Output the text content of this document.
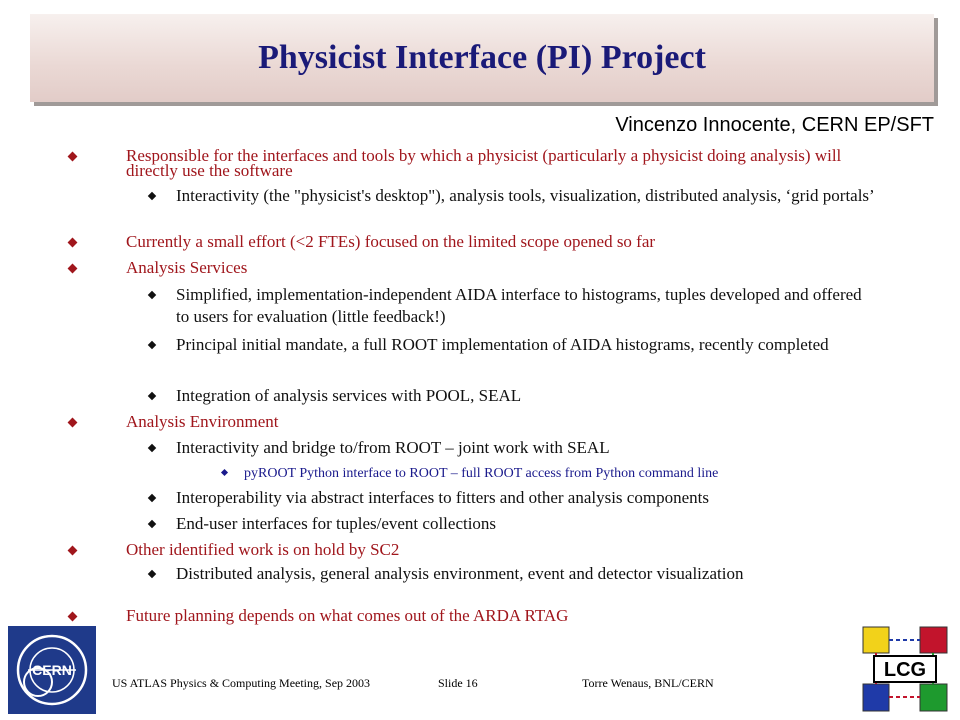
Physicist Interface (PI) Project
Vincenzo Innocente, CERN EP/SFT
Responsible for the interfaces and tools by which a physicist (particularly a physicist doing analysis) will directly use the software
Interactivity (the "physicist's desktop"), analysis tools, visualization, distributed analysis, ‘grid portals’
Currently a small effort (<2 FTEs) focused on the limited scope opened so far
Analysis Services
Simplified, implementation-independent AIDA interface to histograms, tuples developed and offered to users for evaluation (little feedback!)
Principal initial mandate, a full ROOT implementation of AIDA histograms, recently completed
Integration of analysis services with POOL, SEAL
Analysis Environment
Interactivity and bridge to/from ROOT – joint work with SEAL
pyROOT Python interface to ROOT – full ROOT access from Python command line
Interoperability via abstract interfaces to fitters and other analysis components
End-user interfaces for tuples/event collections
Other identified work is on hold by SC2
Distributed analysis, general analysis environment, event and detector visualization
Future planning depends on what comes out of the ARDA RTAG
CERN	LCG
US ATLAS Physics & Computing Meeting, Sep 2003	Slide 16	Torre Wenaus, BNL/CERN
